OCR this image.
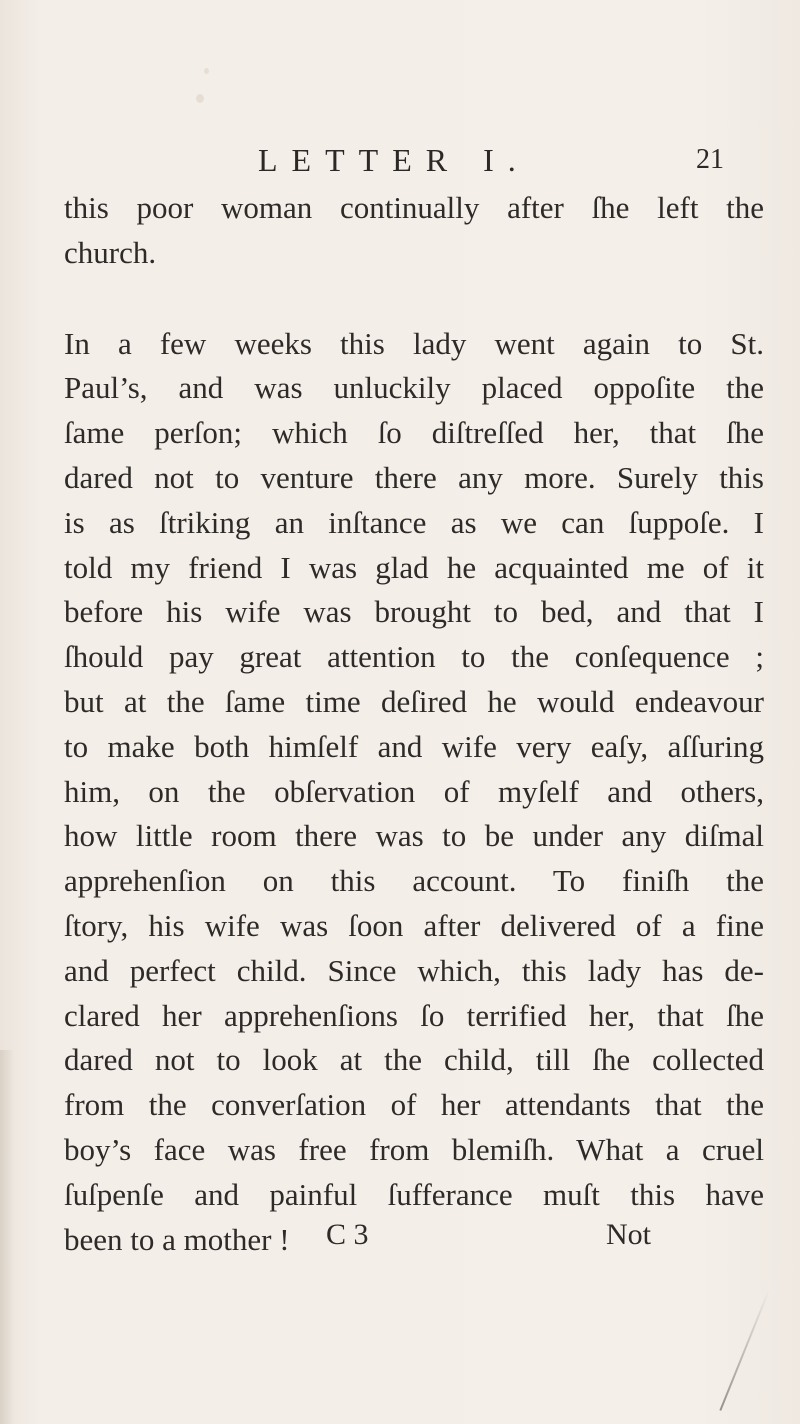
LETTER I.	21

this poor woman continually after ſhe left the
church.

In a few weeks this lady went again to St.
Paul’s, and was unluckily placed oppoſite the
ſame perſon; which ſo diſtreſſed her, that ſhe
dared not to venture there any more. Surely this
is as ſtriking an inſtance as we can ſuppoſe. I
told my friend I was glad he acquainted me of it
before his wife was brought to bed, and that I
ſhould pay great attention to the conſequence ;
but at the ſame time deſired he would endeavour
to make both himſelf and wife very eaſy, aſſuring
him, on the obſervation of myſelf and others,
how little room there was to be under any diſmal
apprehenſion on this account. To finiſh the
ſtory, his wife was ſoon after delivered of a fine
and perfect child. Since which, this lady has de-
clared her apprehenſions ſo terrified her, that ſhe
dared not to look at the child, till ſhe collected
from the converſation of her attendants that the
boy’s face was free from blemiſh. What a cruel
ſuſpenſe and painful ſufferance muſt this have
been to a mother !	C 3	Not
